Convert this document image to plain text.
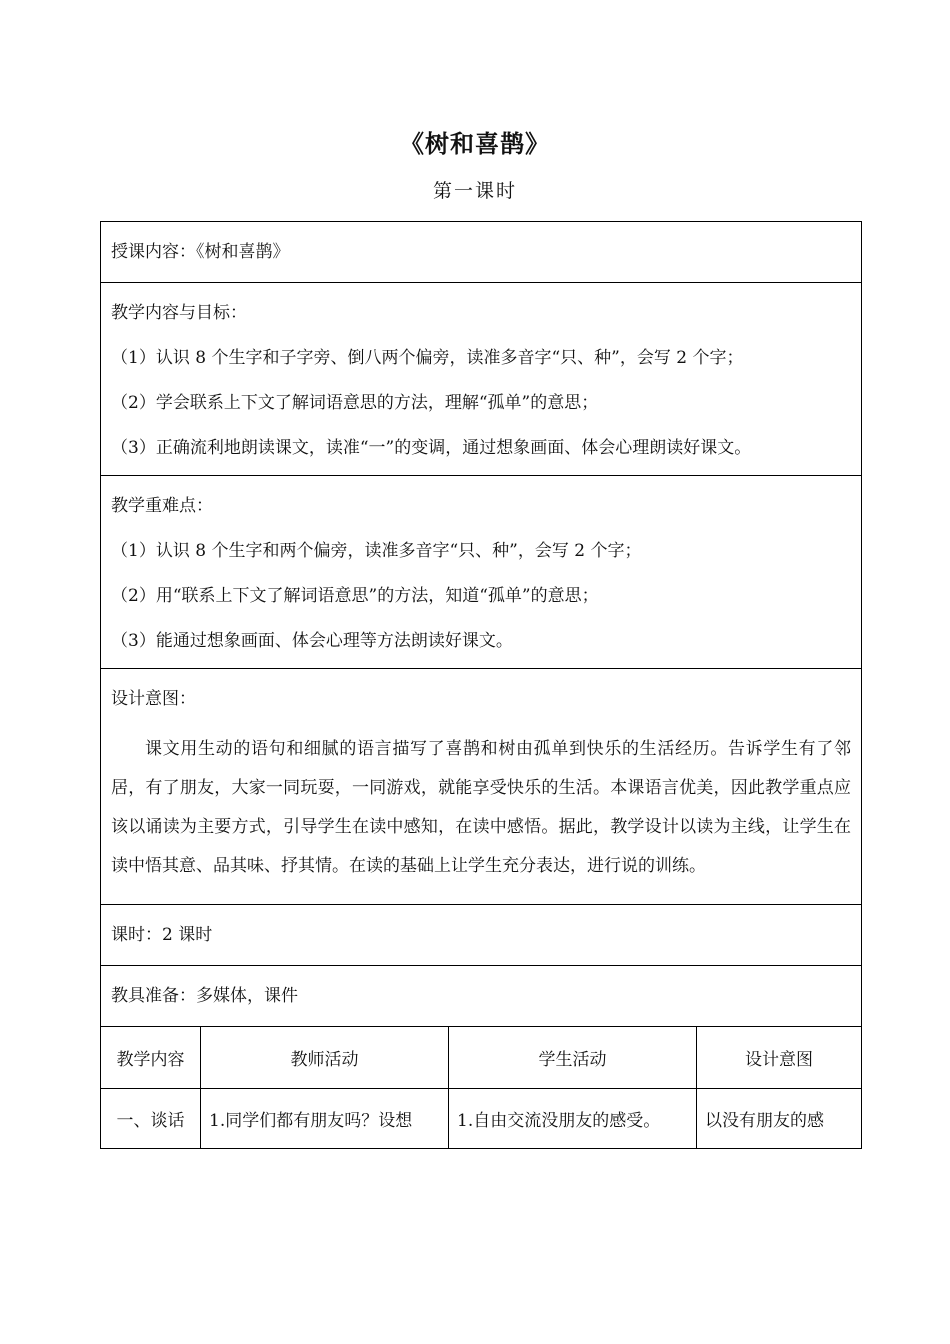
《树和喜鹊》
第一课时
授课内容：《树和喜鹊》
教学内容与目标：
（1）认识 8 个生字和子字旁、倒八两个偏旁，读准多音字“只、种”，会写 2 个字；
（2）学会联系上下文了解词语意思的方法，理解“孤单”的意思；
（3）正确流利地朗读课文，读准“一”的变调，通过想象画面、体会心理朗读好课文。
教学重难点：
（1）认识 8 个生字和两个偏旁，读准多音字“只、种”，会写 2 个字；
（2）用“联系上下文了解词语意思”的方法，知道“孤单”的意思；
（3）能通过想象画面、体会心理等方法朗读好课文。
设计意图：
课文用生动的语句和细腻的语言描写了喜鹊和树由孤单到快乐的生活经历。告诉学生有了邻居，有了朋友，大家一同玩耍，一同游戏，就能享受快乐的生活。本课语言优美，因此教学重点应该以诵读为主要方式，引导学生在读中感知，在读中感悟。据此，教学设计以读为主线，让学生在读中悟其意、品其味、抒其情。在读的基础上让学生充分表达，进行说的训练。
课时：2 课时
教具准备：多媒体，课件
教学内容	教师活动	学生活动	设计意图
一、谈话	1.同学们都有朋友吗？设想	1.自由交流没朋友的感受。	以没有朋友的感
